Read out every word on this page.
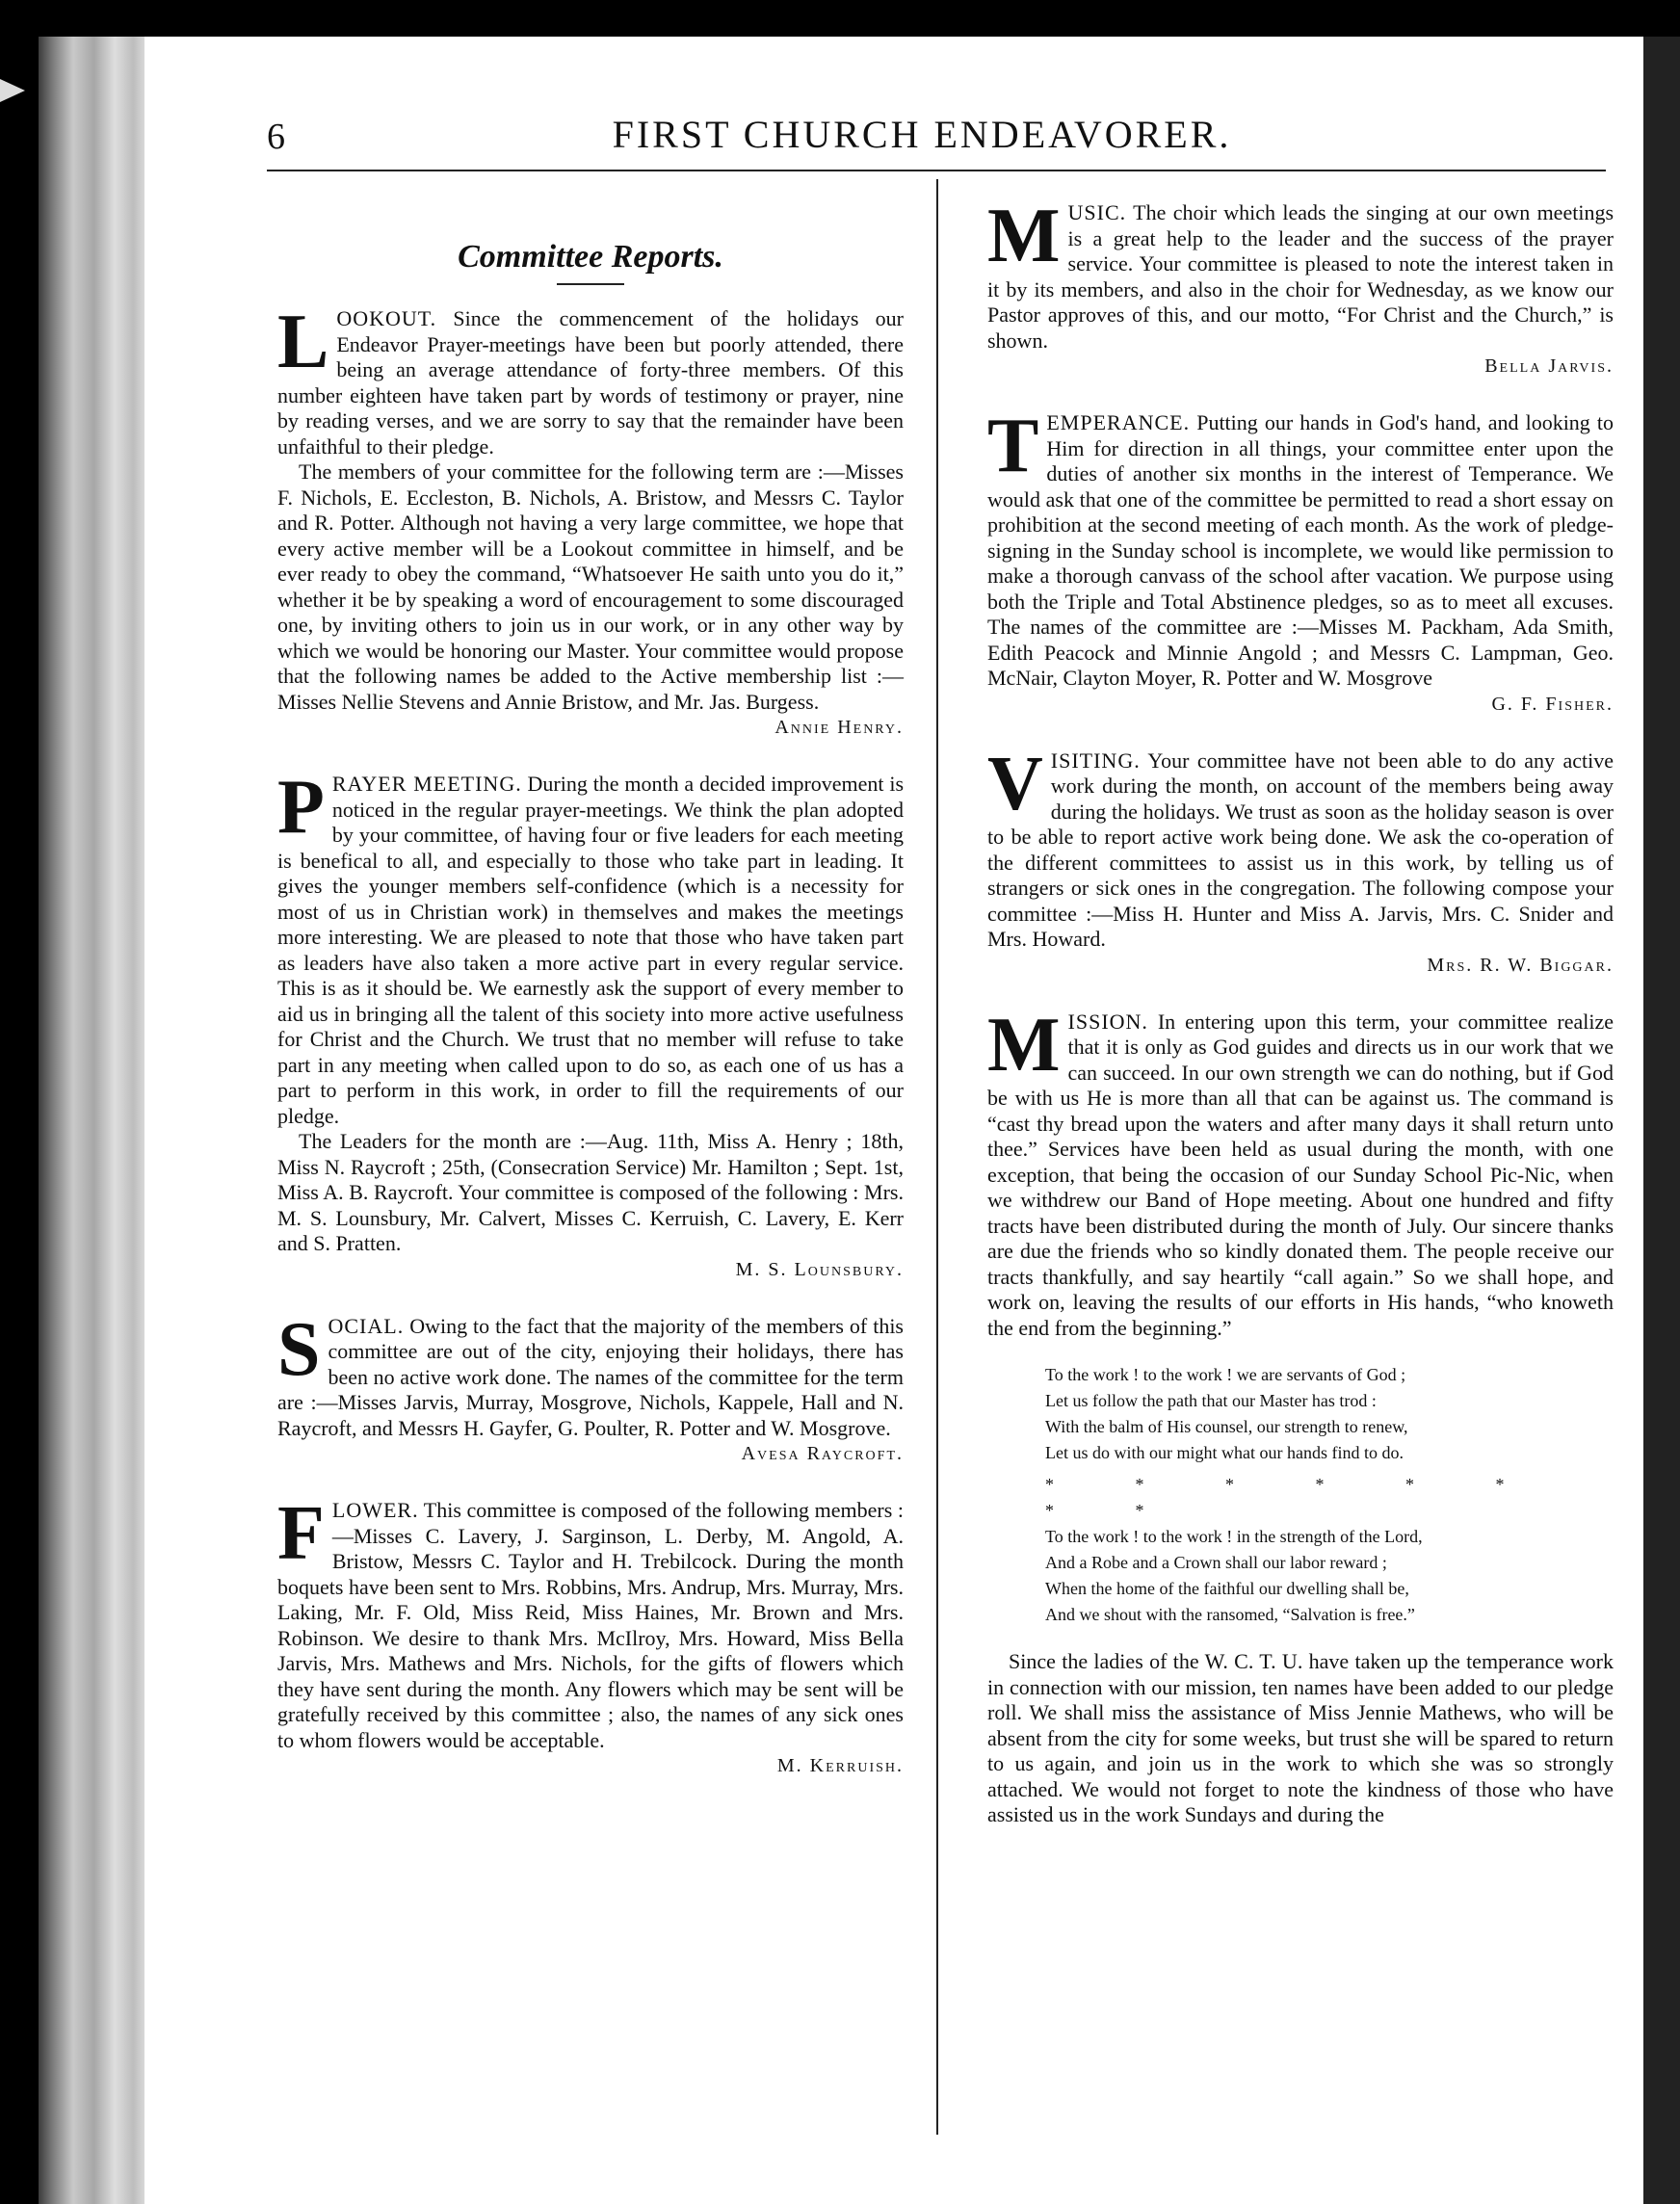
6	FIRST CHURCH ENDEAVORER.
Committee Reports.

LOOKOUT. Since the commencement of the holidays our Endeavor Prayer-meetings have been but poorly attended, there being an average attendance of forty-three members. Of this number eighteen have taken part by words of testimony or prayer, nine by reading verses, and we are sorry to say that the remainder have been unfaithful to their pledge.

The members of your committee for the following term are :—Misses F. Nichols, E. Eccleston, B. Nichols, A. Bristow, and Messrs C. Taylor and R. Potter. Although not having a very large committee, we hope that every active member will be a Lookout committee in himself, and be ever ready to obey the command, “Whatsoever He saith unto you do it,” whether it be by speaking a word of encouragement to some discouraged one, by inviting others to join us in our work, or in any other way by which we would be honoring our Master. Your committee would propose that the following names be added to the Active membership list :—Misses Nellie Stevens and Annie Bristow, and Mr. Jas. Burgess.

Annie Henry.

PRAYER MEETING. During the month a decided improvement is noticed in the regular prayer-meetings. We think the plan adopted by your committee, of having four or five leaders for each meeting is benefical to all, and especially to those who take part in leading. It gives the younger members self-confidence (which is a necessity for most of us in Christian work) in themselves and makes the meetings more interesting. We are pleased to note that those who have taken part as leaders have also taken a more active part in every regular service. This is as it should be. We earnestly ask the support of every member to aid us in bringing all the talent of this society into more active usefulness for Christ and the Church. We trust that no member will refuse to take part in any meeting when called upon to do so, as each one of us has a part to perform in this work, in order to fill the requirements of our pledge.

The Leaders for the month are :—Aug. 11th, Miss A. Henry ; 18th, Miss N. Raycroft ; 25th, (Consecration Service) Mr. Hamilton ; Sept. 1st, Miss A. B. Raycroft. Your committee is composed of the following : Mrs. M. S. Lounsbury, Mr. Calvert, Misses C. Kerruish, C. Lavery, E. Kerr and S. Pratten.

M. S. Lounsbury.

SOCIAL. Owing to the fact that the majority of the members of this committee are out of the city, enjoying their holidays, there has been no active work done. The names of the committee for the term are :—Misses Jarvis, Murray, Mosgrove, Nichols, Kappele, Hall and N. Raycroft, and Messrs H. Gayfer, G. Poulter, R. Potter and W. Mosgrove.

Avesa Raycroft.

FLOWER. This committee is composed of the following members :—Misses C. Lavery, J. Sarginson, L. Derby, M. Angold, A. Bristow, Messrs C. Taylor and H. Trebilcock. During the month boquets have been sent to Mrs. Robbins, Mrs. Andrup, Mrs. Murray, Mrs. Laking, Mr. F. Old, Miss Reid, Miss Haines, Mr. Brown and Mrs. Robinson. We desire to thank Mrs. McIlroy, Mrs. Howard, Miss Bella Jarvis, Mrs. Mathews and Mrs. Nichols, for the gifts of flowers which they have sent during the month. Any flowers which may be sent will be gratefully received by this committee ; also, the names of any sick ones to whom flowers would be acceptable.

M. Kerruish.

MUSIC. The choir which leads the singing at our own meetings is a great help to the leader and the success of the prayer service. Your committee is pleased to note the interest taken in it by its members, and also in the choir for Wednesday, as we know our Pastor approves of this, and our motto, “For Christ and the Church,” is shown.

Bella Jarvis.

TEMPERANCE. Putting our hands in God's hand, and looking to Him for direction in all things, your committee enter upon the duties of another six months in the interest of Temperance. We would ask that one of the committee be permitted to read a short essay on prohibition at the second meeting of each month. As the work of pledge-signing in the Sunday school is incomplete, we would like permission to make a thorough canvass of the school after vacation. We purpose using both the Triple and Total Abstinence pledges, so as to meet all excuses. The names of the committee are :—Misses M. Packham, Ada Smith, Edith Peacock and Minnie Angold ; and Messrs C. Lampman, Geo. McNair, Clayton Moyer, R. Potter and W. Mosgrove

G. F. Fisher.

VISITING. Your committee have not been able to do any active work during the month, on account of the members being away during the holidays. We trust as soon as the holiday season is over to be able to report active work being done. We ask the co-operation of the different committees to assist us in this work, by telling us of strangers or sick ones in the congregation. The following compose your committee :—Miss H. Hunter and Miss A. Jarvis, Mrs. C. Snider and Mrs. Howard.

Mrs. R. W. Biggar.

MISSION. In entering upon this term, your committee realize that it is only as God guides and directs us in our work that we can succeed. In our own strength we can do nothing, but if God be with us He is more than all that can be against us. The command is “cast thy bread upon the waters and after many days it shall return unto thee.” Services have been held as usual during the month, with one exception, that being the occasion of our Sunday School Pic-Nic, when we withdrew our Band of Hope meeting. About one hundred and fifty tracts have been distributed during the month of July. Our sincere thanks are due the friends who so kindly donated them. The people receive our tracts thankfully, and say heartily “call again.” So we shall hope, and work on, leaving the results of our efforts in His hands, “who knoweth the end from the beginning.”

To the work ! to the work ! we are servants of God ;
Let us follow the path that our Master has trod :
With the balm of His counsel, our strength to renew,
Let us do with our might what our hands find to do.
* * * * * * * *
To the work ! to the work ! in the strength of the Lord,
And a Robe and a Crown shall our labor reward ;
When the home of the faithful our dwelling shall be,
And we shout with the ransomed, “Salvation is free.”

Since the ladies of the W. C. T. U. have taken up the temperance work in connection with our mission, ten names have been added to our pledge roll. We shall miss the assistance of Miss Jennie Mathews, who will be absent from the city for some weeks, but trust she will be spared to return to us again, and join us in the work to which she was so strongly attached. We would not forget to note the kindness of those who have assisted us in the work Sundays and during the
